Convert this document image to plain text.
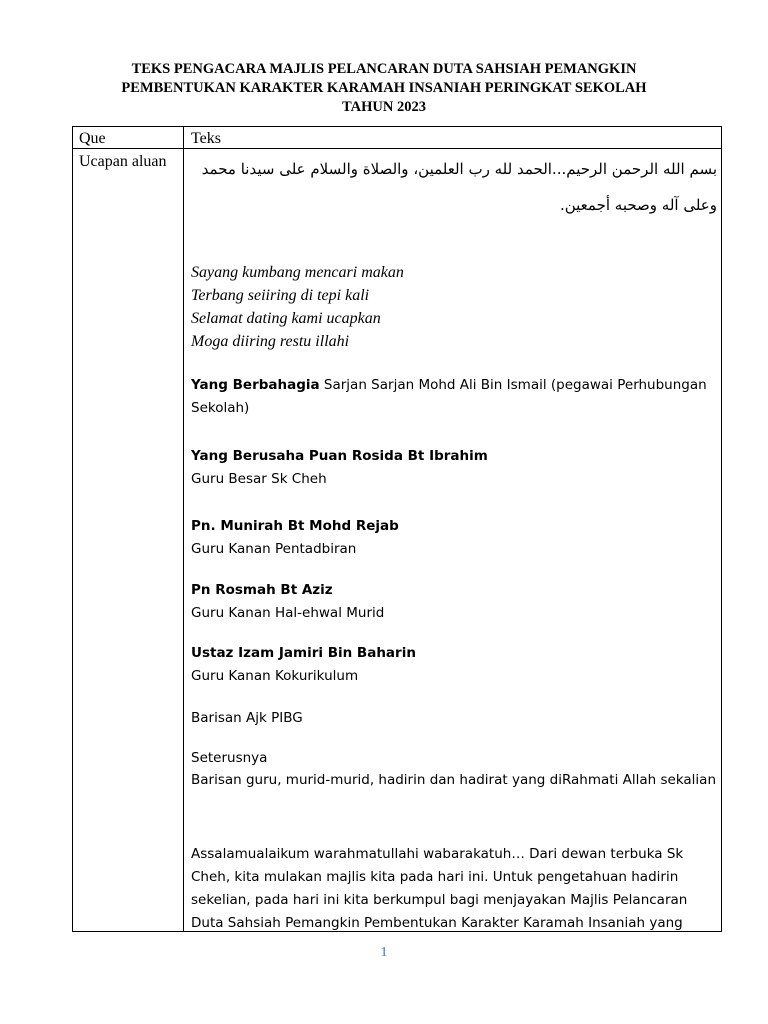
TEKS PENGACARA MAJLIS PELANCARAN DUTA SAHSIAH PEMANGKIN
PEMBENTUKAN KARAKTER KARAMAH INSANIAH PERINGKAT SEKOLAH
TAHUN 2023
Que	Teks
Ucapan aluan	بسم الله الرحمن الرحيم...الحمد لله رب العلمين، والصلاة والسلام على سيدنا محمد وعلى آله وصحبه أجمعين.
Sayang kumbang mencari makan
Terbang seiiring di tepi kali
Selamat dating kami ucapkan
Moga diiring restu illahi
Yang Berbahagia Sarjan Sarjan Mohd Ali Bin Ismail (pegawai Perhubungan Sekolah)
Yang Berusaha Puan Rosida Bt Ibrahim
Guru Besar Sk Cheh
Pn. Munirah Bt Mohd Rejab
Guru Kanan Pentadbiran
Pn Rosmah Bt Aziz
Guru Kanan Hal-ehwal Murid
Ustaz Izam Jamiri Bin Baharin
Guru Kanan Kokurikulum
Barisan Ajk PIBG
Seterusnya
Barisan guru, murid-murid, hadirin dan hadirat yang diRahmati Allah sekalian
Assalamualaikum warahmatullahi wabarakatuh… Dari dewan terbuka Sk Cheh, kita mulakan majlis kita pada hari ini. Untuk pengetahuan hadirin sekelian, pada hari ini kita berkumpul bagi menjayakan Majlis Pelancaran Duta Sahsiah Pemangkin Pembentukan Karakter Karamah Insaniah yang
1
